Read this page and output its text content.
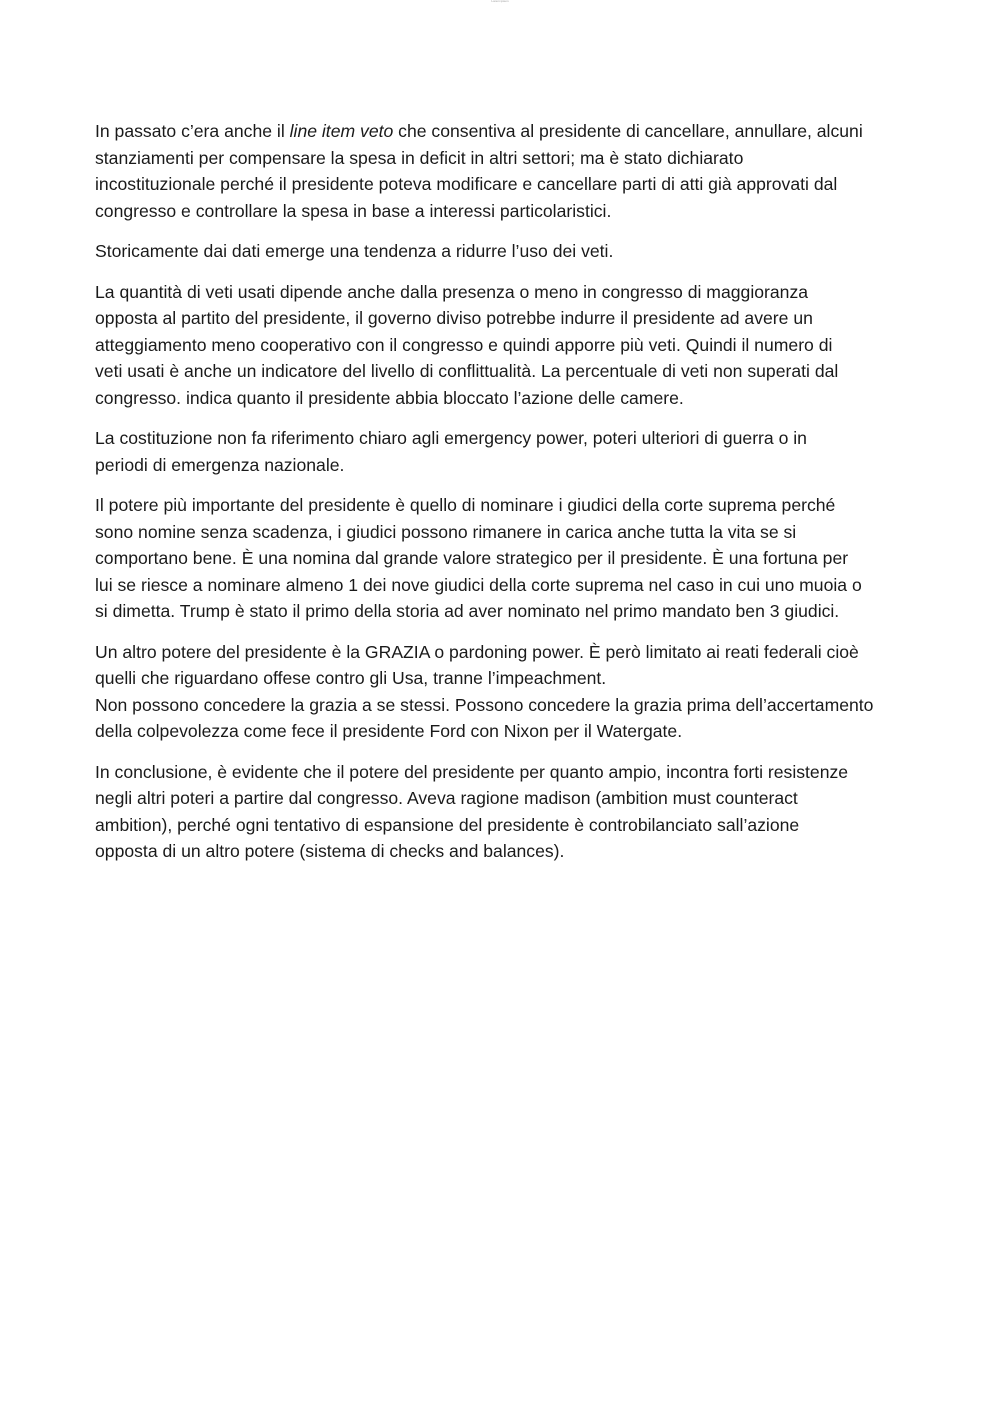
Lorem ipsum

In passato c’era anche il line item veto che consentiva al presidente di cancellare, annullare, alcuni
stanziamenti per compensare la spesa in deficit in altri settori; ma è stato dichiarato
incostituzionale perché il presidente poteva modificare e cancellare parti di atti già approvati dal
congresso e controllare la spesa in base a interessi particolaristici.

Storicamente dai dati emerge una tendenza a ridurre l’uso dei veti.

La quantità di veti usati dipende anche dalla presenza o meno in congresso di maggioranza
opposta al partito del presidente, il governo diviso potrebbe indurre il presidente ad avere un
atteggiamento meno cooperativo con il congresso e quindi apporre più veti. Quindi il numero di
veti usati è anche un indicatore del livello di conflittualità. La percentuale di veti non superati dal
congresso. indica quanto il presidente abbia bloccato l’azione delle camere.

La costituzione non fa riferimento chiaro agli emergency power, poteri ulteriori di guerra o in
periodi di emergenza nazionale.

Il potere più importante del presidente è quello di nominare i giudici della corte suprema perché
sono nomine senza scadenza, i giudici possono rimanere in carica anche tutta la vita se si
comportano bene. È una nomina dal grande valore strategico per il presidente. È una fortuna per
lui se riesce a nominare almeno 1 dei nove giudici della corte suprema nel caso in cui uno muoia o
si dimetta. Trump è stato il primo della storia ad aver nominato nel primo mandato ben 3 giudici.

Un altro potere del presidente è la GRAZIA o pardoning power. È però limitato ai reati federali cioè
quelli che riguardano offese contro gli Usa, tranne l’impeachment.
Non possono concedere la grazia a se stessi. Possono concedere la grazia prima dell’accertamento
della colpevolezza come fece il presidente Ford con Nixon per il Watergate.

In conclusione, è evidente che il potere del presidente per quanto ampio, incontra forti resistenze
negli altri poteri a partire dal congresso. Aveva ragione madison (ambition must counteract
ambition), perché ogni tentativo di espansione del presidente è controbilanciato sall’azione
opposta di un altro potere (sistema di checks and balances).
